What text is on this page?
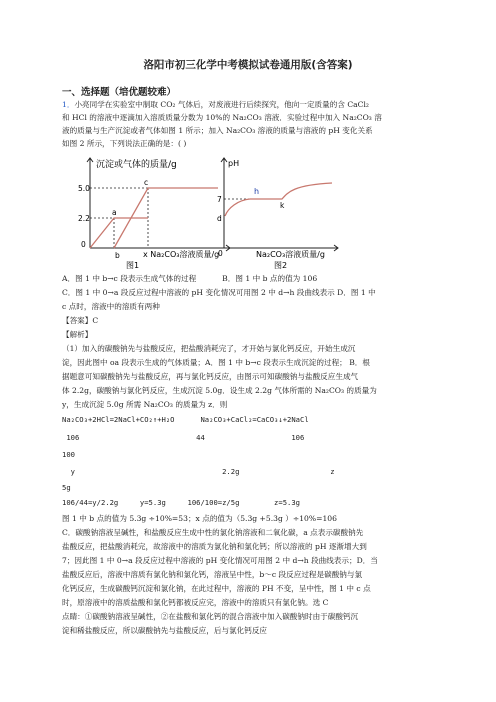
洛阳市初三化学中考模拟试卷通用版(含答案)
一、选择题（培优题较难）
1．小亮同学在实验室中制取 CO₂ 气体后，对废液进行后续探究，他向一定质量的含 CaCl₂
和 HCl 的溶液中逐滴加入溶质质量分数为 10%的 Na₂CO₃ 溶液．实验过程中加入 Na₂CO₃ 溶
液的质量与生产沉淀或者气体如图 1 所示；加入 Na₂CO₃ 溶液的质量与溶液的 pH 变化关系
如图 2 所示，下列说法正确的是：( )
沉淀或气体的质量/g
5.0
2.2
0
a
b
c
x Na₂CO₃溶液质量/g
图1
pH
7
d
h
k
0	Na₂CO₃溶液质量/g
图2
A．图 1 中 b→c 段表示生成气体的过程	B．图 1 中 b 点的值为 106
C．图 1 中 0→a 段反应过程中溶液的 pH 变化情况可用图 2 中 d→h 段曲线表示 D．图 1 中
c 点时，溶液中的溶质有两种
【答案】C
【解析】
（1）加入的碳酸钠先与盐酸反应，把盐酸消耗完了，才开始与氯化钙反应，开始生成沉
淀，因此图中 oa 段表示生成的气体质量；A．图 1 中 b→c 段表示生成沉淀的过程； B．根
据题意可知碳酸钠先与盐酸反应，再与氯化钙反应，由图示可知碳酸钠与盐酸反应生成气
体 2.2g，碳酸钠与氯化钙反应，生成沉淀 5.0g．设生成 2.2g 气体所需的 Na₂CO₃ 的质量为
y，生成沉淀 5.0g 所需 Na₂CO₃ 的质量为 z．则
Na₂CO₃+2HCl=2NaCl+CO₂↑+H₂O      Na₂CO₃+CaCl₂=CaCO₃↓+2NaCl
106                           44                    106
100
y                                  2.2g                     z
5g
106/44=y/2.2g     y=5.3g     106/100=z/5g        z=5.3g
图 1 中 b 点的值为 5.3g ÷10%=53；x 点的值为（5.3g +5.3g ）÷10%=106
C．碳酸钠溶液呈碱性，和盐酸反应生成中性的氯化钠溶液和二氧化碳，a 点表示碳酸钠先
盐酸反应，把盐酸消耗完，故溶液中的溶质为氯化钠和氯化钙；所以溶液的 pH 逐渐增大到
7；因此图 1 中 0→a 段反应过程中溶液的 pH 变化情况可用图 2 中 d→h 段曲线表示；D．当
盐酸反应后，溶液中溶质有氯化钠和氯化钙，溶液呈中性，b～c 段反应过程是碳酸钠与氯
化钙反应，生成碳酸钙沉淀和氯化钠，在此过程中，溶液的 PH 不变，呈中性，图 1 中 c 点
时，原溶液中的溶质盐酸和氯化钙都被反应完，溶液中的溶质只有氯化钠。选 C
点睛：①碳酸钠溶液呈碱性，②在盐酸和氯化钙的混合溶液中加入碳酸钠时由于碳酸钙沉
淀和稀盐酸反应，所以碳酸钠先与盐酸反应，后与氯化钙反应
